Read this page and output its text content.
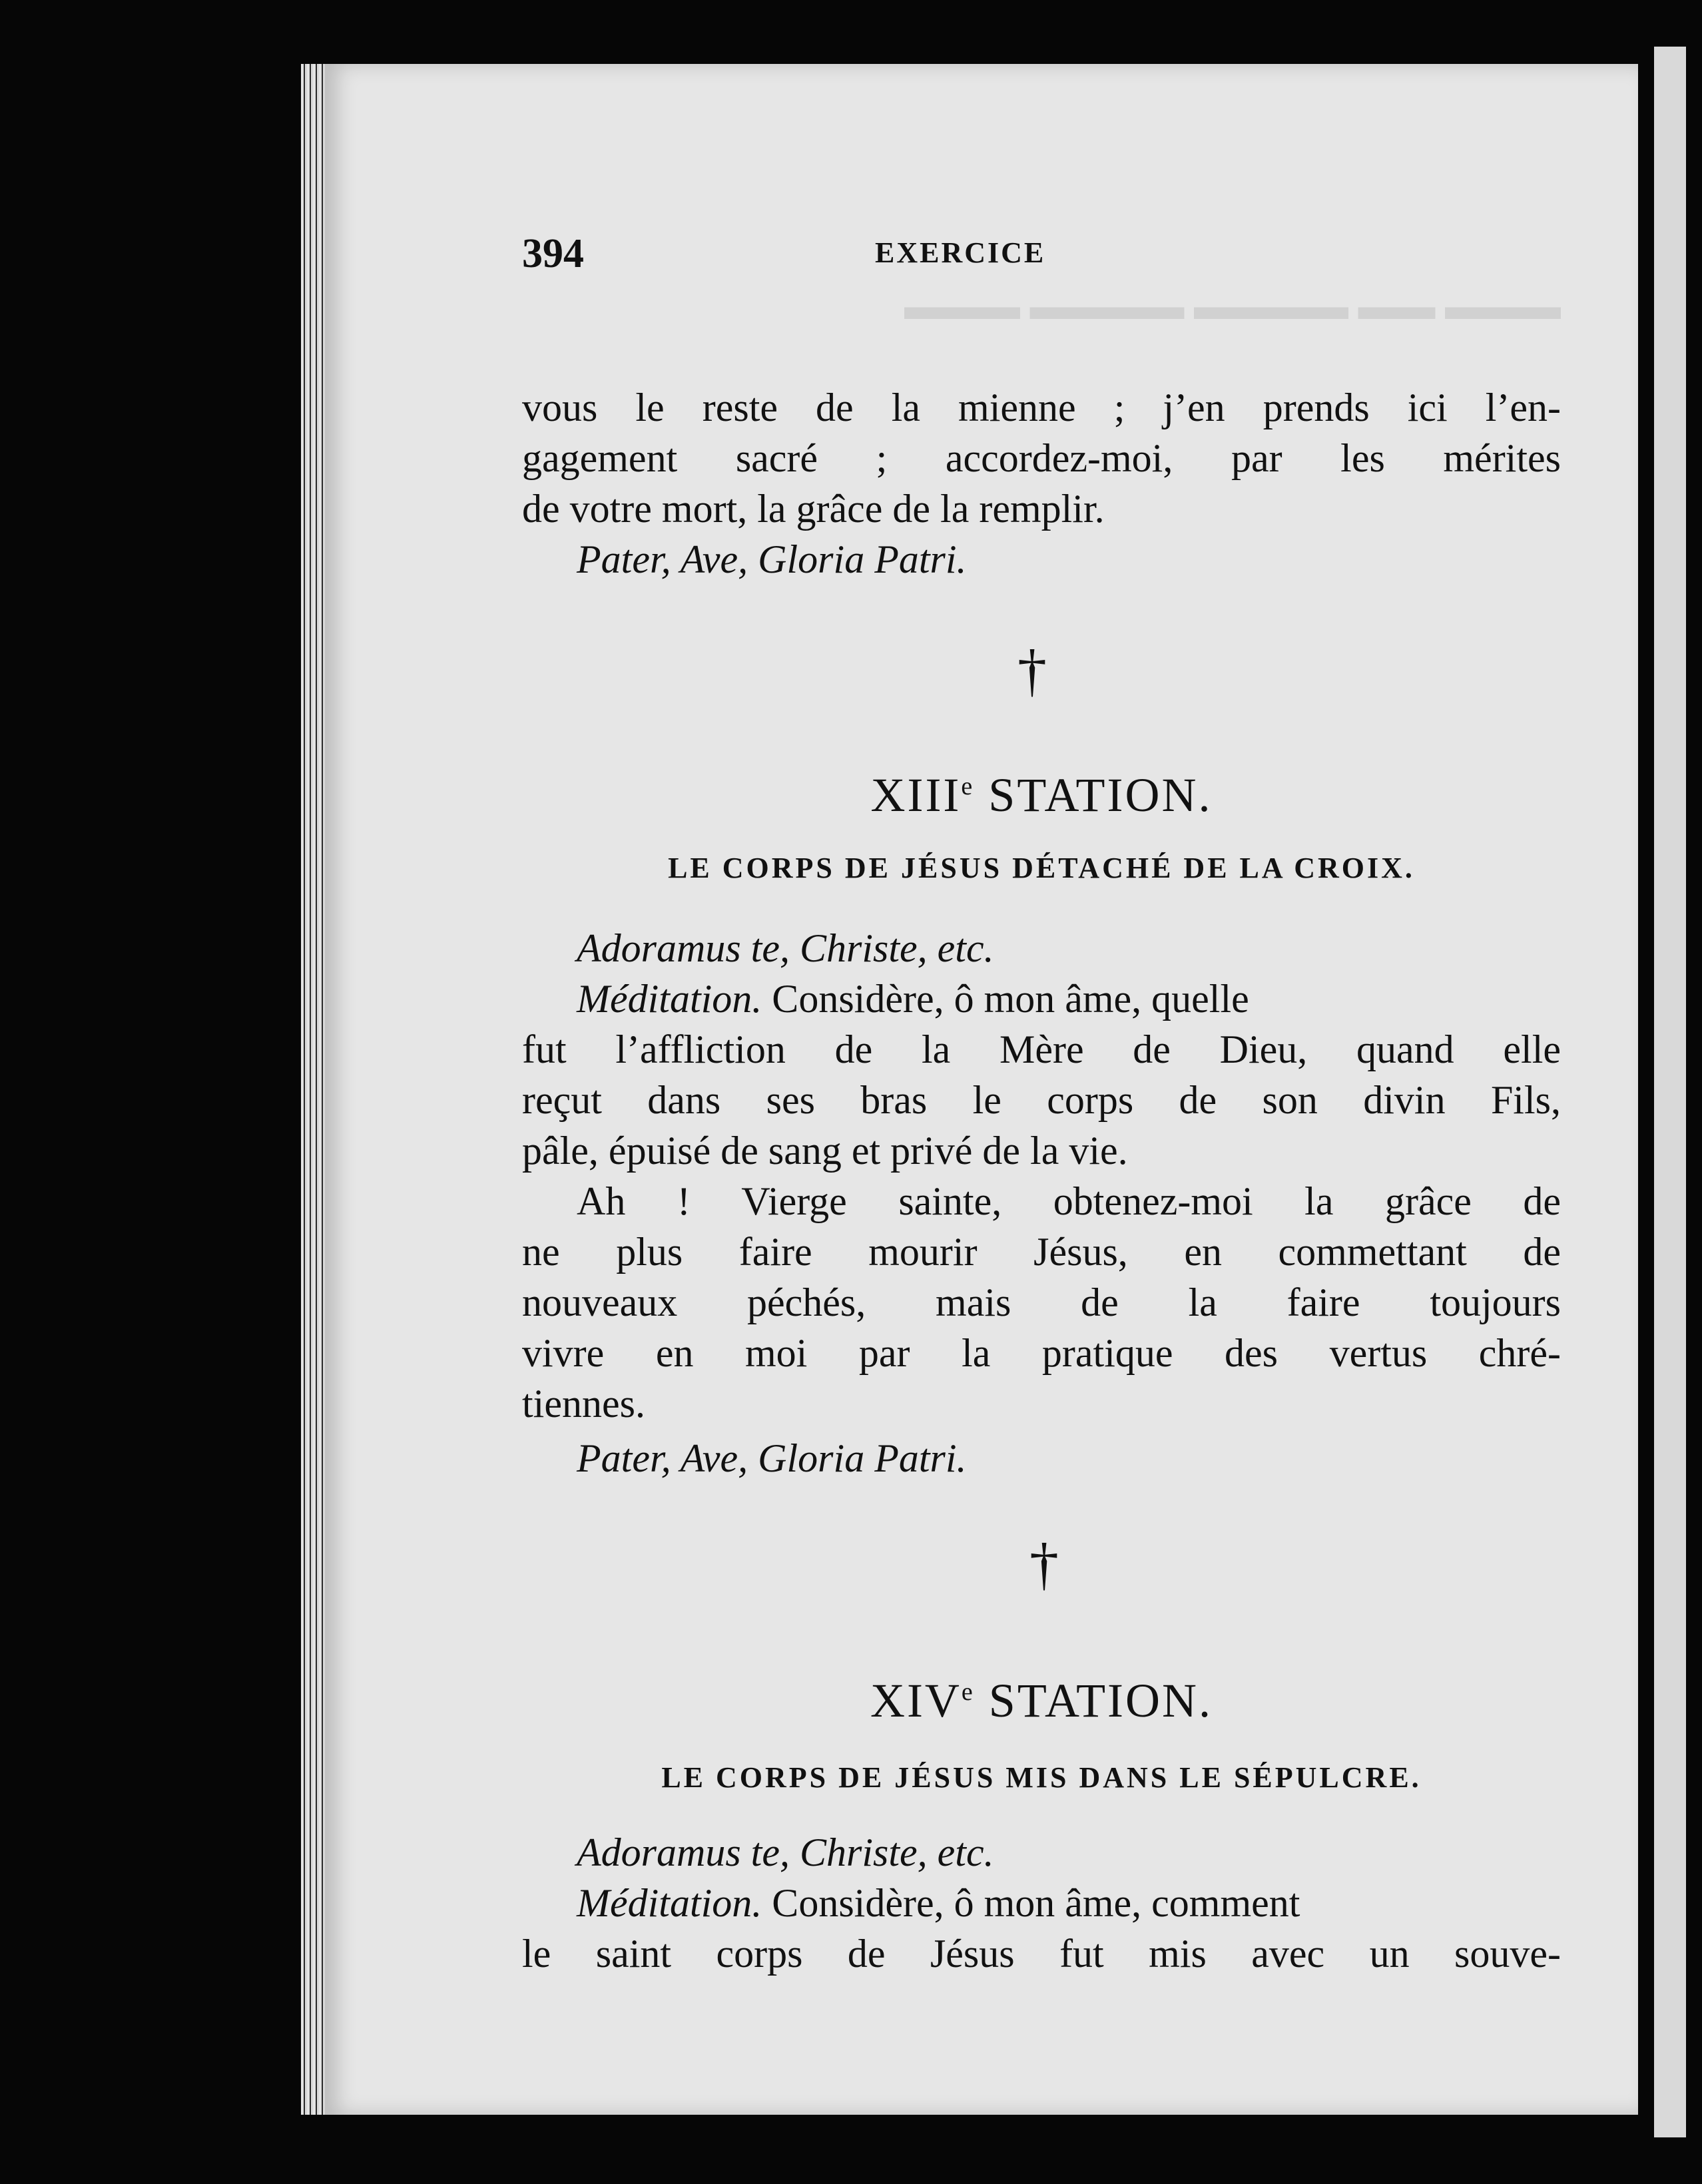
▬▬▬ ▬▬ ▬▬▬▬ ▬▬▬▬ ▬▬▬
394	EXERCICE

vous le reste de la mienne ; j’en prends ici l’en-

gagement sacré ; accordez-moi, par les mérites

de votre mort, la grâce de la remplir.

Pater, Ave, Gloria Patri.

†

XIIIe STATION.

LE CORPS DE JÉSUS DÉTACHÉ DE LA CROIX.

Adoramus te, Christe, etc.

Méditation. Considère, ô mon âme, quelle

fut l’affliction de la Mère de Dieu, quand elle

reçut dans ses bras le corps de son divin Fils,

pâle, épuisé de sang et privé de la vie.

Ah ! Vierge sainte, obtenez-moi la grâce de

ne plus faire mourir Jésus, en commettant de

nouveaux péchés, mais de la faire toujours

vivre en moi par la pratique des vertus chré-

tiennes.

Pater, Ave, Gloria Patri.

†

XIVe STATION.

LE CORPS DE JÉSUS MIS DANS LE SÉPULCRE.

Adoramus te, Christe, etc.

Méditation. Considère, ô mon âme, comment

le saint corps de Jésus fut mis avec un souve-
